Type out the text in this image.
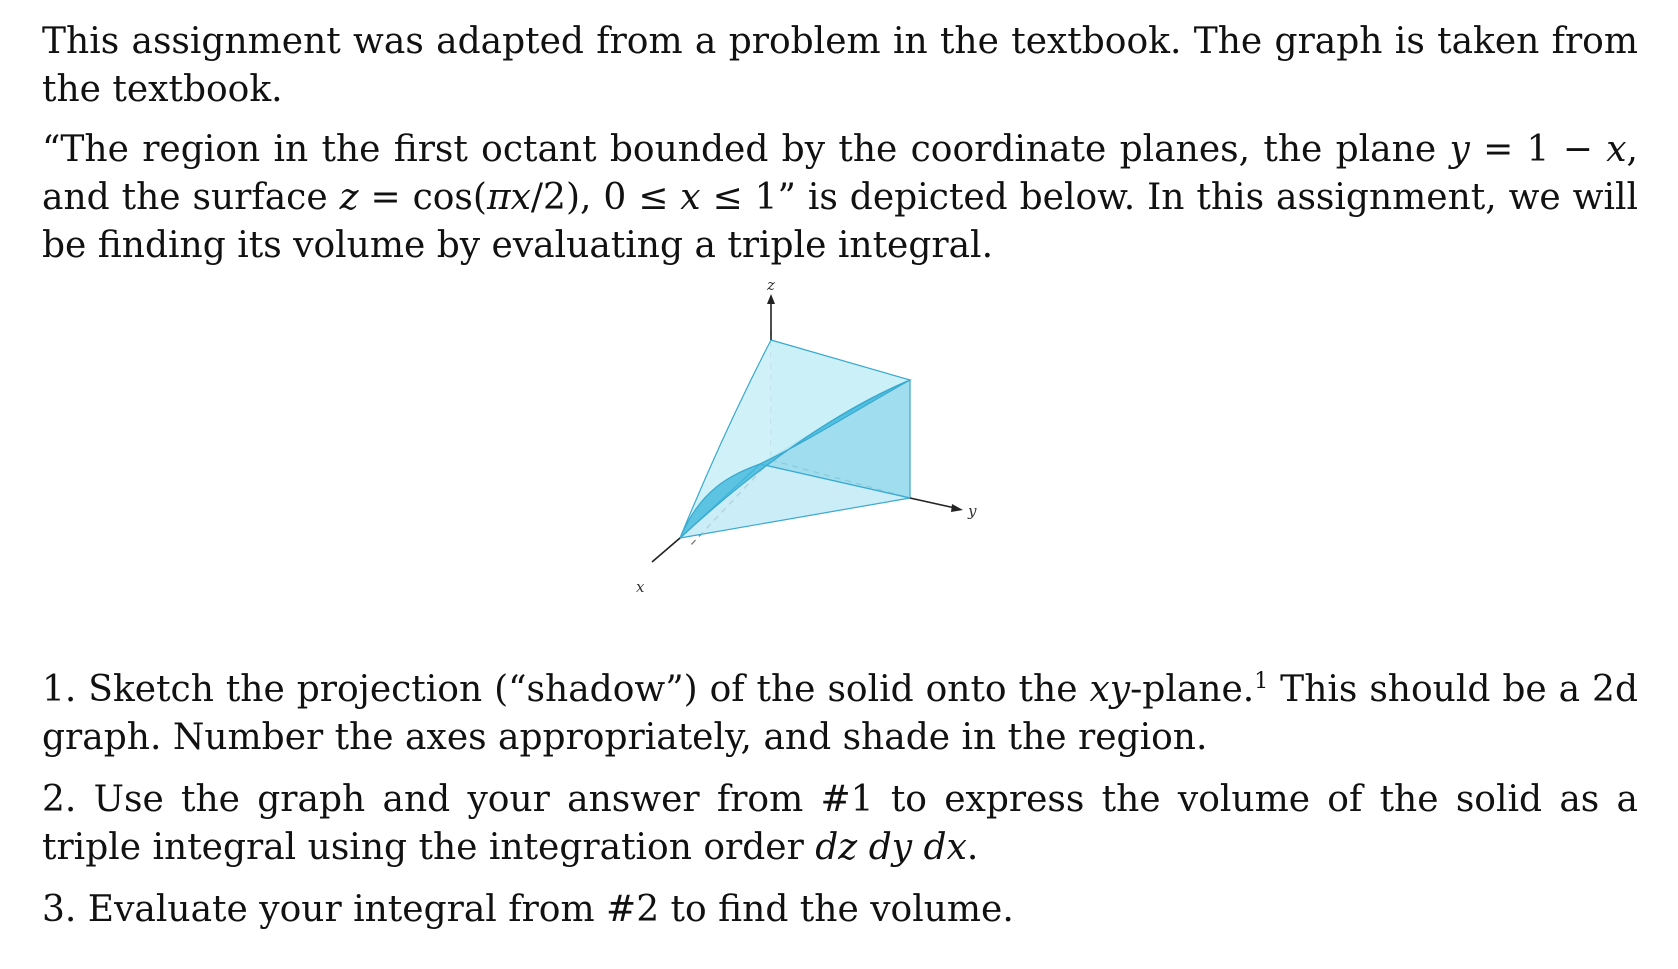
This assignment was adapted from a problem in the textbook. The graph is taken from the textbook.

“The region in the first octant bounded by the coordinate planes, the plane y = 1 − x, and the surface z = cos(πx/2), 0 ≤ x ≤ 1” is depicted below. In this assignment, we will be finding its volume by evaluating a triple integral.

z
y
x

1. Sketch the projection (“shadow”) of the solid onto the xy-plane.$^1$ This should be a 2d graph. Number the axes appropriately, and shade in the region.

2. Use the graph and your answer from #1 to express the volume of the solid as a triple integral using the integration order dz dy dx.

3. Evaluate your integral from #2 to find the volume.
